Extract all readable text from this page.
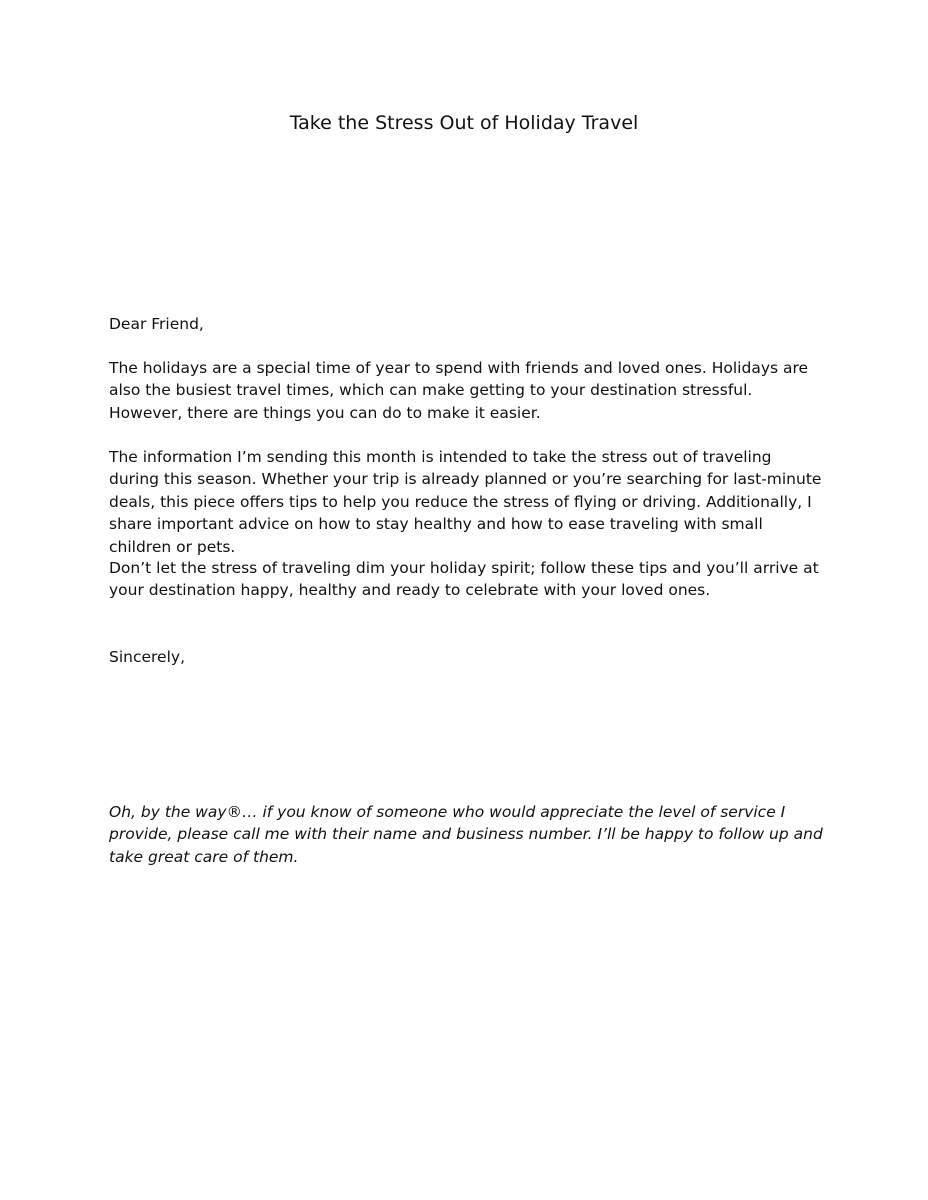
Take the Stress Out of Holiday Travel

Dear Friend,

The holidays are a special time of year to spend with friends and loved ones. Holidays are also the busiest travel times, which can make getting to your destination stressful. However, there are things you can do to make it easier.

The information I’m sending this month is intended to take the stress out of traveling during this season. Whether your trip is already planned or you’re searching for last-minute deals, this piece offers tips to help you reduce the stress of flying or driving. Additionally, I share important advice on how to stay healthy and how to ease traveling with small children or pets.

Don’t let the stress of traveling dim your holiday spirit; follow these tips and you’ll arrive at your destination happy, healthy and ready to celebrate with your loved ones.

Sincerely,

Oh, by the way®… if you know of someone who would appreciate the level of service I provide, please call me with their name and business number. I’ll be happy to follow up and take great care of them.
